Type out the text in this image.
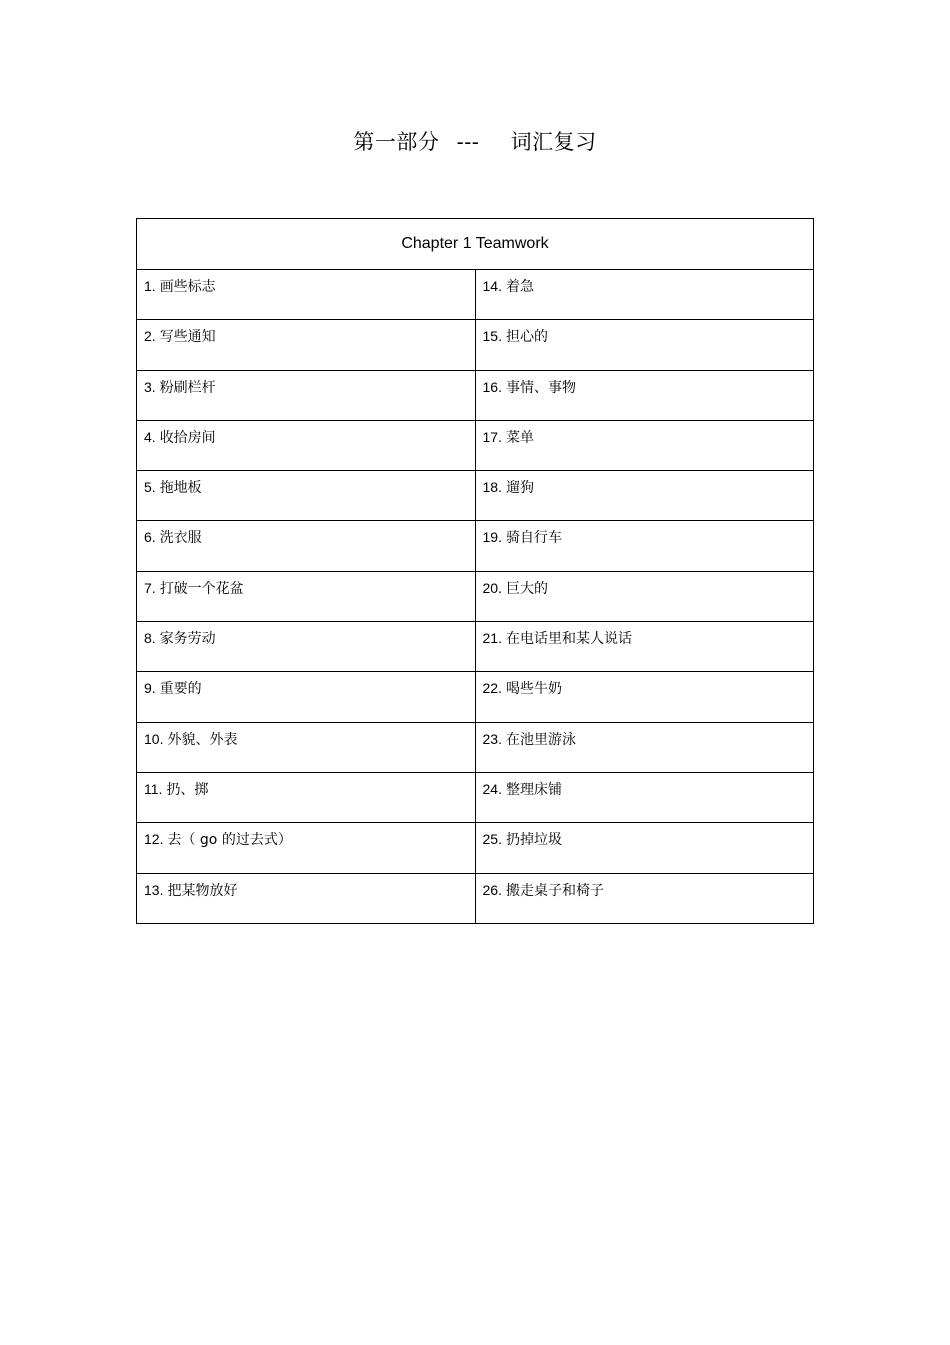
第一部分 --- 词汇复习
Chapter 1 Teamwork	
1. 画些标志	14. 着急
2. 写些通知	15. 担心的
3. 粉刷栏杆	16. 事情、事物
4. 收拾房间	17. 菜单
5. 拖地板	18. 遛狗
6. 洗衣服	19. 骑自行车
7. 打破一个花盆	20. 巨大的
8. 家务劳动	21. 在电话里和某人说话
9. 重要的	22. 喝些牛奶
10. 外貌、外表	23. 在池里游泳
11. 扔、掷	24. 整理床铺
12. 去（ go 的过去式）	25. 扔掉垃圾
13. 把某物放好	26. 搬走桌子和椅子
